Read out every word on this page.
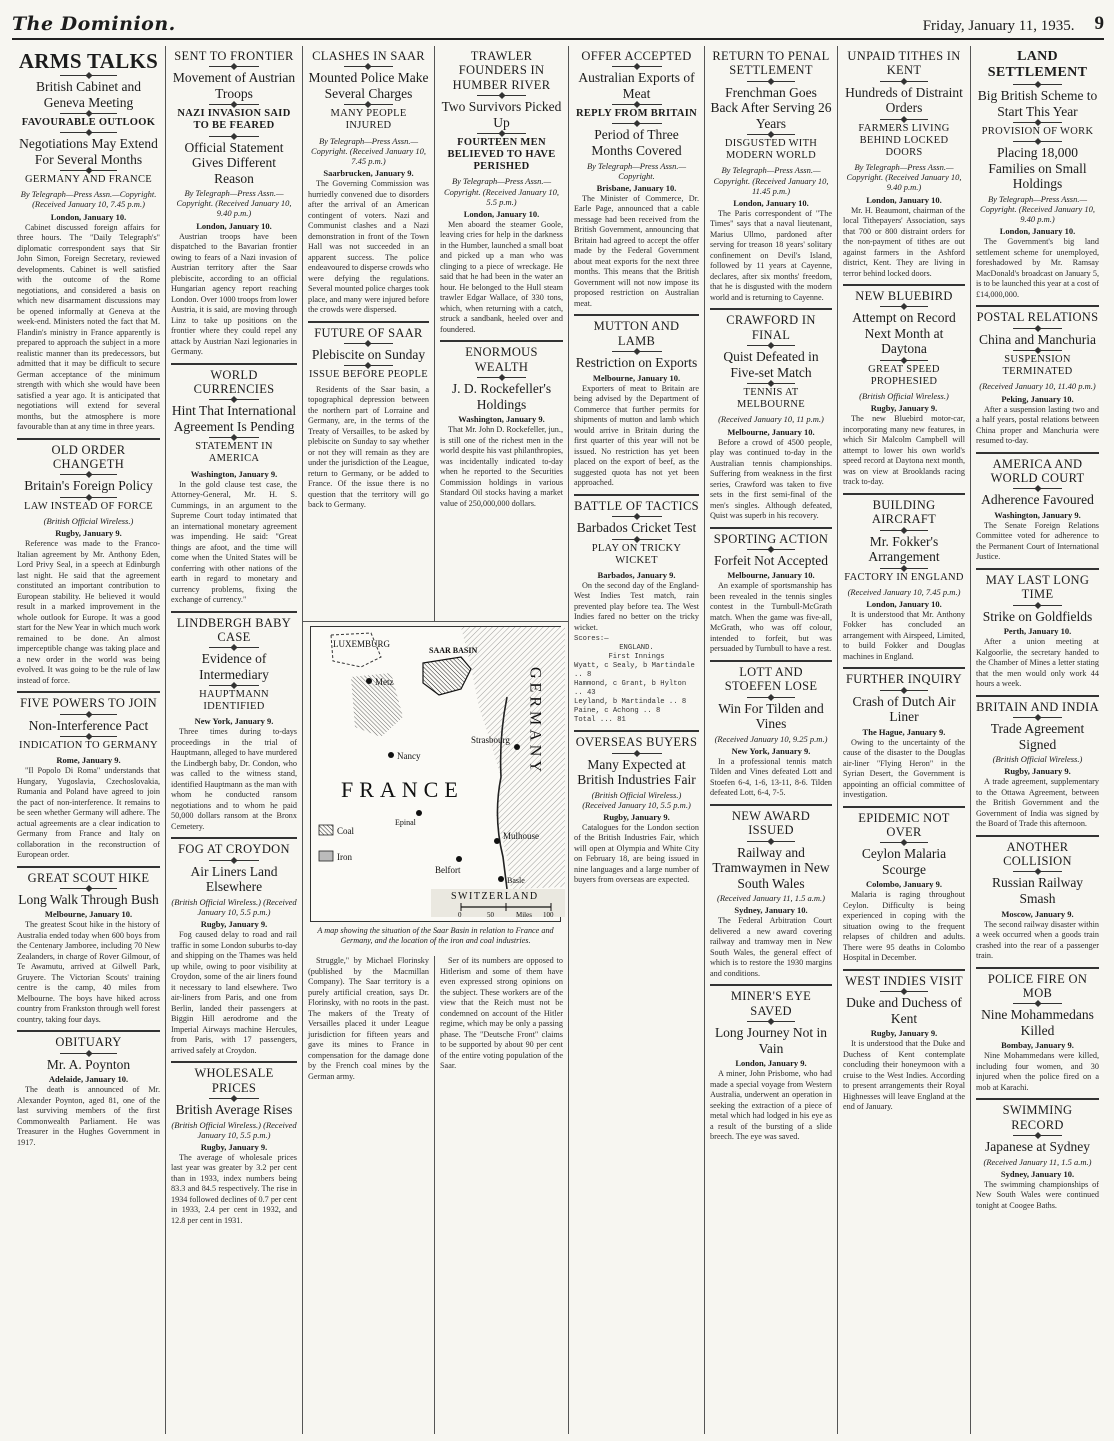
The Dominion.	Friday, January 11, 1935. 9
ARMS TALKS
British Cabinet and Geneva Meeting
FAVOURABLE OUTLOOK
Negotiations May Extend For Several Months
GERMANY AND FRANCE
By Telegraph—Press Assn.—Copyright. (Received January 10, 7.45 p.m.)
London, January 10.

Cabinet discussed foreign affairs for three hours. The "Daily Telegraph's" diplomatic correspondent says that Sir John Simon, Foreign Secretary, reviewed developments. Cabinet is well satisfied with the outcome of the Rome negotiations, and considered a basis on which new disarmament discussions may be opened informally at Geneva at the week-end. Ministers noted the fact that M. Flandin's ministry in France apparently is prepared to approach the subject in a more realistic manner than its predecessors, but admitted that it may be difficult to secure German acceptance of the minimum strength with which she would have been satisfied a year ago. It is anticipated that negotiations will extend for several months, but the atmosphere is more favourable than at any time in three years.

OLD ORDER CHANGETH
Britain's Foreign Policy
LAW INSTEAD OF FORCE
(British Official Wireless.)
Rugby, January 9.

Reference was made to the Franco-Italian agreement by Mr. Anthony Eden, Lord Privy Seal, in a speech at Edinburgh last night. He said that the agreement constituted an important contribution to European stability. He believed it would result in a marked improvement in the whole outlook for Europe. It was a good start for the New Year in which much work remained to be done. An almost imperceptible change was taking place and a new order in the world was being evolved. It was going to be the rule of law instead of force.

FIVE POWERS TO JOIN
Non-Interference Pact
INDICATION TO GERMANY
Rome, January 9.

"Il Popolo Di Roma" understands that Hungary, Yugoslavia, Czechoslovakia, Rumania and Poland have agreed to join the pact of non-interference. It remains to be seen whether Germany will adhere. The actual agreements are a clear indication to Germany from France and Italy on collaboration in the reconstruction of European order.

GREAT SCOUT HIKE
Long Walk Through Bush
Melbourne, January 10.

The greatest Scout hike in the history of Australia ended today when 600 boys from the Centenary Jamboree, including 70 New Zealanders, in charge of Rover Gilmour, of Te Awamutu, arrived at Gilwell Park, Gruyere. The Victorian Scouts' training centre is the camp, 40 miles from Melbourne. The boys have hiked across country from Frankston through well forest country, taking four days.

OBITUARY
Mr. A. Poynton
Adelaide, January 10.

The death is announced of Mr. Alexander Poynton, aged 81, one of the last surviving members of the first Commonwealth Parliament. He was Treasurer in the Hughes Government in 1917.

SENT TO FRONTIER
Movement of Austrian Troops
NAZI INVASION SAID TO BE FEARED
Official Statement Gives Different Reason
By Telegraph—Press Assn.—Copyright. (Received January 10, 9.40 p.m.)
London, January 10.

Austrian troops have been dispatched to the Bavarian frontier owing to fears of a Nazi invasion of Austrian territory after the Saar plebiscite, according to an official Hungarian agency report reaching London. Over 1000 troops from lower Austria, it is said, are moving through Linz to take up positions on the frontier where they could repel any attack by Austrian Nazi legionaries in Germany.

WORLD CURRENCIES
Hint That International Agreement Is Pending
STATEMENT IN AMERICA
Washington, January 9.

In the gold clause test case, the Attorney-General, Mr. H. S. Cummings, in an argument to the Supreme Court today intimated that an international monetary agreement was impending. He said: "Great things are afoot, and the time will come when the United States will be conferring with other nations of the earth in regard to monetary and currency problems, fixing the exchange of currency."

LINDBERGH BABY CASE
Evidence of Intermediary
HAUPTMANN IDENTIFIED
New York, January 9.

Three times during to-days proceedings in the trial of Hauptmann, alleged to have murdered the Lindbergh baby, Dr. Condon, who was called to the witness stand, identified Hauptmann as the man with whom he conducted ransom negotiations and to whom he paid 50,000 dollars ransom at the Bronx Cemetery.

FOG AT CROYDON
Air Liners Land Elsewhere
(British Official Wireless.) (Received January 10, 5.5 p.m.)
Rugby, January 9.

Fog caused delay to road and rail traffic in some London suburbs to-day and shipping on the Thames was held up while, owing to poor visibility at Croydon, some of the air liners found it necessary to land elsewhere. Two air-liners from Paris, and one from Berlin, landed their passengers at Biggin Hill aerodrome and the Imperial Airways machine Hercules, from Paris, with 17 passengers, arrived safely at Croydon.

WHOLESALE PRICES
British Average Rises
(British Official Wireless.) (Received January 10, 5.5 p.m.)
Rugby, January 9.

The average of wholesale prices last year was greater by 3.2 per cent than in 1933, index numbers being 83.3 and 84.5 respectively. The rise in 1934 followed declines of 0.7 per cent in 1933, 2.4 per cent in 1932, and 12.8 per cent in 1931.

CLASHES IN SAAR
Mounted Police Make Several Charges
MANY PEOPLE INJURED
By Telegraph—Press Assn.—Copyright. (Received January 10, 7.45 p.m.)
Saarbrucken, January 9.

The Governing Commission was hurriedly convened due to disorders after the arrival of an American contingent of voters. Nazi and Communist clashes and a Nazi demonstration in front of the Town Hall was not succeeded in an apparent success. The police endeavoured to disperse crowds who were defying the regulations. Several mounted police charges took place, and many were injured before the crowds were dispersed.

FUTURE OF SAAR
Plebiscite on Sunday
ISSUE BEFORE PEOPLE

Residents of the Saar basin, a topographical depression between the northern part of Lorraine and Germany, are, in the terms of the Treaty of Versailles, to be asked by plebiscite on Sunday to say whether or not they will remain as they are under the jurisdiction of the League, return to Germany, or be added to France. Of the issue there is no question that the territory will go back to Germany.

TRAWLER FOUNDERS IN HUMBER RIVER
Two Survivors Picked Up
FOURTEEN MEN BELIEVED TO HAVE PERISHED
By Telegraph—Press Assn.—Copyright. (Received January 10, 5.5 p.m.)
London, January 10.

Men aboard the steamer Goole, leaving cries for help in the darkness in the Humber, launched a small boat and picked up a man who was clinging to a piece of wreckage. He said that he had been in the water an hour. He belonged to the Hull steam trawler Edgar Wallace, of 330 tons, which, when returning with a catch, struck a sandbank, heeled over and foundered.

ENORMOUS WEALTH
J. D. Rockefeller's Holdings
Washington, January 9.

That Mr. John D. Rockefeller, jun., is still one of the richest men in the world despite his vast philanthropies, was incidentally indicated to-day when he reported to the Securities Commission holdings in various Standard Oil stocks having a market value of 250,000,000 dollars.

LUXEMBURG
SAAR BASIN
Metz
Nancy
Strasbourg
FRANCE
GERMANY
Epinal
Belfort
Mulhouse
Basle
SWITZERLAND
Coal
Iron
0	50	Miles 100
A map showing the situation of the Saar Basin in relation to France and Germany, and the location of the iron and coal industries.

Struggle," by Michael Florinsky (published by the Macmillan Company). The Saar territory is a purely artificial creation, says Dr. Florinsky, with no roots in the past. The makers of the Treaty of Versailles placed it under League jurisdiction for fifteen years and gave its mines to France in compensation for the damage done by the French coal mines by the German army.

Ser of its numbers are opposed to Hitlerism and some of them have even expressed strong opinions on the subject. These workers are of the view that the Reich must not be condemned on account of the Hitler regime, which may be only a passing phase. The "Deutsche Front" claims to be supported by about 90 per cent of the entire voting population of the Saar.

OFFER ACCEPTED
Australian Exports of Meat
REPLY FROM BRITAIN
Period of Three Months Covered
By Telegraph—Press Assn.—Copyright.
Brisbane, January 10.

The Minister of Commerce, Dr. Earle Page, announced that a cable message had been received from the British Government, announcing that Britain had agreed to accept the offer made by the Federal Government about meat exports for the next three months. This means that the British Government will not now impose its proposed restriction on Australian meat.

MUTTON AND LAMB
Restriction on Exports
Melbourne, January 10.

Exporters of meat to Britain are being advised by the Department of Commerce that further permits for shipments of mutton and lamb which would arrive in Britain during the first quarter of this year will not be issued. No restriction has yet been placed on the export of beef, as the suggested quota has not yet been approached.

BATTLE OF TACTICS
Barbados Cricket Test
PLAY ON TRICKY WICKET
Barbados, January 9.

On the second day of the England-West Indies Test match, rain prevented play before tea. The West Indies fared no better on the tricky wicket.

Scores:—
ENGLAND.
First Innings
Wyatt, c Sealy, b Martindale .. 8
Hammond, c Grant, b Hylton .. 43
Leyland, b Martindale .. 8
Paine, c Achong .. 8
Total ... 81
OVERSEAS BUYERS
Many Expected at British Industries Fair
(British Official Wireless.) (Received January 10, 5.5 p.m.)
Rugby, January 9.

Catalogues for the London section of the British Industries Fair, which will open at Olympia and White City on February 18, are being issued in nine languages and a large number of buyers from overseas are expected.

RETURN TO PENAL SETTLEMENT
Frenchman Goes Back After Serving 26 Years
DISGUSTED WITH MODERN WORLD
By Telegraph—Press Assn.—Copyright. (Received January 10, 11.45 p.m.)
London, January 10.

The Paris correspondent of "The Times" says that a naval lieutenant, Marius Ullmo, pardoned after serving for treason 18 years' solitary confinement on Devil's Island, followed by 11 years at Cayenne, declares, after six months' freedom, that he is disgusted with the modern world and is returning to Cayenne.

CRAWFORD IN FINAL
Quist Defeated in Five-set Match
TENNIS AT MELBOURNE
(Received January 10, 11 p.m.)
Melbourne, January 10.

Before a crowd of 4500 people, play was continued to-day in the Australian tennis championships. Suffering from weakness in the first series, Crawford was taken to five sets in the first semi-final of the men's singles. Although defeated, Quist was superb in his recovery.

SPORTING ACTION
Forfeit Not Accepted
Melbourne, January 10.

An example of sportsmanship has been revealed in the tennis singles contest in the Turnbull-McGrath match. When the game was five-all, McGrath, who was off colour, intended to forfeit, but was persuaded by Turnbull to have a rest.

LOTT AND STOEFEN LOSE
Win For Tilden and Vines
(Received January 10, 9.25 p.m.)
New York, January 9.

In a professional tennis match Tilden and Vines defeated Lott and Stoefen 6-4, 1-6, 13-11, 8-6. Tilden defeated Lott, 6-4, 7-5.

NEW AWARD ISSUED
Railway and Tramwaymen in New South Wales
(Received January 11, 1.5 a.m.)
Sydney, January 10.

The Federal Arbitration Court delivered a new award covering railway and tramway men in New South Wales, the general effect of which is to restore the 1930 margins and conditions.

MINER'S EYE SAVED
Long Journey Not in Vain
London, January 9.

A miner, John Prisbome, who had made a special voyage from Western Australia, underwent an operation in seeking the extraction of a piece of metal which had lodged in his eye as a result of the bursting of a slide breech. The eye was saved.

UNPAID TITHES IN KENT
Hundreds of Distraint Orders
FARMERS LIVING BEHIND LOCKED DOORS
By Telegraph—Press Assn.—Copyright. (Received January 10, 9.40 p.m.)
London, January 10.

Mr. H. Beaumont, chairman of the local Tithepayers' Association, says that 700 or 800 distraint orders for the non-payment of tithes are out against farmers in the Ashford district, Kent. They are living in terror behind locked doors.

NEW BLUEBIRD
Attempt on Record Next Month at Daytona
GREAT SPEED PROPHESIED
(British Official Wireless.)
Rugby, January 9.

The new Bluebird motor-car, incorporating many new features, in which Sir Malcolm Campbell will attempt to lower his own world's speed record at Daytona next month, was on view at Brooklands racing track to-day.

BUILDING AIRCRAFT
Mr. Fokker's Arrangement
FACTORY IN ENGLAND
(Received January 10, 7.45 p.m.)
London, January 10.

It is understood that Mr. Anthony Fokker has concluded an arrangement with Airspeed, Limited, to build Fokker and Douglas machines in England.

FURTHER INQUIRY
Crash of Dutch Air Liner
The Hague, January 9.

Owing to the uncertainty of the cause of the disaster to the Douglas air-liner "Flying Heron" in the Syrian Desert, the Government is appointing an official committee of investigation.

EPIDEMIC NOT OVER
Ceylon Malaria Scourge
Colombo, January 9.

Malaria is raging throughout Ceylon. Difficulty is being experienced in coping with the situation owing to the frequent relapses of children and adults. There were 95 deaths in Colombo Hospital in December.

WEST INDIES VISIT
Duke and Duchess of Kent
Rugby, January 9.

It is understood that the Duke and Duchess of Kent contemplate concluding their honeymoon with a cruise to the West Indies. According to present arrangements their Royal Highnesses will leave England at the end of January.

LAND SETTLEMENT
Big British Scheme to Start This Year
PROVISION OF WORK
Placing 18,000 Families on Small Holdings
By Telegraph—Press Assn.—Copyright. (Received January 10, 9.40 p.m.)
London, January 10.

The Government's big land settlement scheme for unemployed, foreshadowed by Mr. Ramsay MacDonald's broadcast on January 5, is to be launched this year at a cost of £14,000,000.

POSTAL RELATIONS
China and Manchuria
SUSPENSION TERMINATED
(Received January 10, 11.40 p.m.)
Peking, January 10.

After a suspension lasting two and a half years, postal relations between China proper and Manchuria were resumed to-day.

AMERICA AND WORLD COURT
Adherence Favoured
Washington, January 9.

The Senate Foreign Relations Committee voted for adherence to the Permanent Court of International Justice.

MAY LAST LONG TIME
Strike on Goldfields
Perth, January 10.

After a union meeting at Kalgoorlie, the secretary handed to the Chamber of Mines a letter stating that the men would only work 44 hours a week.

BRITAIN AND INDIA
Trade Agreement Signed
(British Official Wireless.)
Rugby, January 9.

A trade agreement, supplementary to the Ottawa Agreement, between the British Government and the Government of India was signed by the Board of Trade this afternoon.

ANOTHER COLLISION
Russian Railway Smash
Moscow, January 9.

The second railway disaster within a week occurred when a goods train crashed into the rear of a passenger train.

POLICE FIRE ON MOB
Nine Mohammedans Killed
Bombay, January 9.

Nine Mohammedans were killed, including four women, and 30 injured when the police fired on a mob at Karachi.

SWIMMING RECORD
Japanese at Sydney
(Received January 11, 1.5 a.m.)
Sydney, January 10.

The swimming championships of New South Wales were continued tonight at Coogee Baths.
